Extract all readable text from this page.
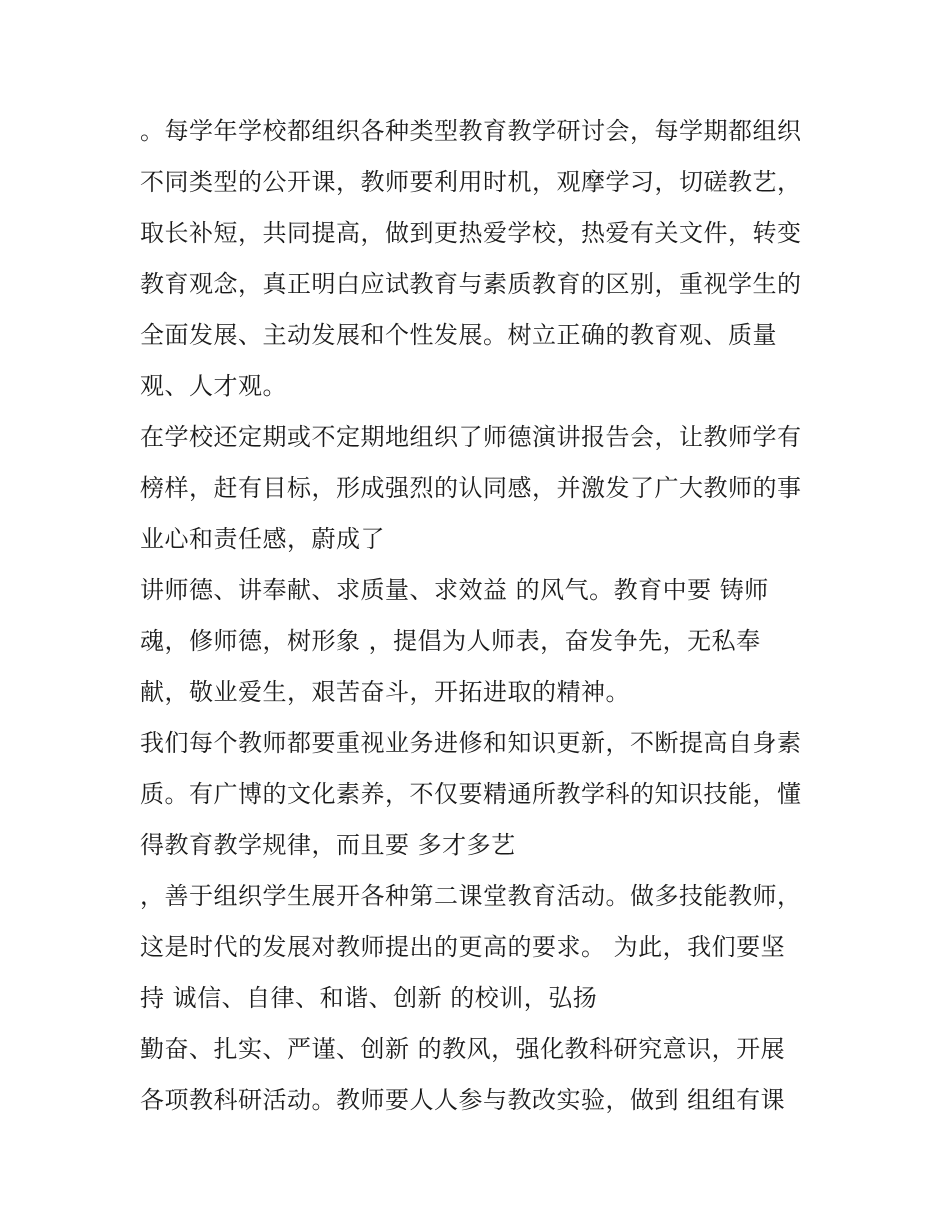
。每学年学校都组织各种类型教育教学研讨会，每学期都组织
不同类型的公开课，教师要利用时机，观摩学习，切磋教艺，
取长补短，共同提高，做到更热爱学校，热爱有关文件，转变
教育观念，真正明白应试教育与素质教育的区别，重视学生的
全面发展、主动发展和个性发展。树立正确的教育观、质量
观、人才观。
在学校还定期或不定期地组织了师德演讲报告会，让教师学有
榜样，赶有目标，形成强烈的认同感，并激发了广大教师的事
业心和责任感，蔚成了
讲师德、讲奉献、求质量、求效益 的风气。教育中要 铸师
魂，修师德，树形象 ，提倡为人师表，奋发争先，无私奉
献，敬业爱生，艰苦奋斗，开拓进取的精神。
我们每个教师都要重视业务进修和知识更新，不断提高自身素
质。有广博的文化素养，不仅要精通所教学科的知识技能，懂
得教育教学规律，而且要 多才多艺
，善于组织学生展开各种第二课堂教育活动。做多技能教师，
这是时代的发展对教师提出的更高的要求。 为此，我们要坚
持 诚信、自律、和谐、创新 的校训，弘扬
勤奋、扎实、严谨、创新 的教风，强化教科研究意识，开展
各项教科研活动。教师要人人参与教改实验，做到 组组有课
